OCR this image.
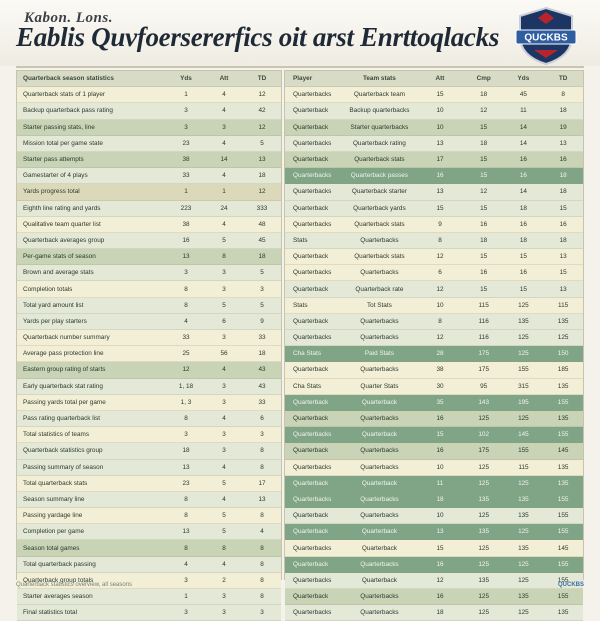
Kabon. Lons.
Eablis Quvfoersererfics oit arst Enrttoqlacks	QUCKBS
Quarterback season statistics	Yds	Att	TD
Quarterback stats of 1 player	1	4	12
Backup quarterback pass rating	3	4	42
Starter passing stats, line	3	3	12
Mission total per game state	23	4	5
Starter pass attempts	38	14	13
Gamestarter of 4 plays	33	4	18
Yards progress total	1	1	12
Eighth line rating and yards	223	24	333
Qualitative team quarter list	38	4	48
Quarterback averages group	16	5	45
Per-game stats of season	13	8	18
Brown and average stats	3	3	5
Completion totals	8	3	3
Total yard amount list	8	5	5
Yards per play starters	4	6	9
Quarterback number summary	33	3	33
Average pass protection line	25	56	18
Eastern group rating of starts	12	4	43
Early quarterback stat rating	1, 18	3	43
Passing yards total per game	1, 3	3	33
Pass rating quarterback list	8	4	6
Total statistics of teams	3	3	3
Quarterback statistics group	18	3	8
Passing summary of season	13	4	8
Total quarterback stats	23	5	17
Season summary line	8	4	13
Passing yardage line	8	5	8
Completion per game	13	5	4
Season total games	8	8	8
Total quarterback passing	4	4	8
Quarterback group totals	3	2	8
Starter averages season	1	3	8
Final statistics total	3	3	3
Player	Team stats	Att	Cmp	Yds	TD
Quarterbacks	Quarterback team	15	18	45	8
Quarterback	Backup quarterbacks	10	12	11	18
Quarterback	Starter quarterbacks	10	15	14	19
Quarterbacks	Quarterback rating	13	18	14	13
Quarterback	Quarterback stats	17	15	16	16
Quarterbacks	Quarterback passes	16	15	16	18
Quarterbacks	Quarterback starter	13	12	14	18
Quarterback	Quarterback yards	15	15	18	15
Quarterbacks	Quarterback stats	9	16	16	16
Stats	Quarterbacks	8	18	18	18
Quarterback	Quarterback stats	12	15	15	13
Quarterbacks	Quarterbacks	6	16	16	15
Quarterback	Quarterback rate	12	15	15	13
Stats	Tot Stats	10	115	125	115
Quarterback	Quarterbacks	8	116	135	135
Quarterbacks	Quarterbacks	12	116	125	125
Cha Stats	Paid Stats	28	175	125	150
Quarterback	Quarterbacks	38	175	155	185
Cha Stats	Quarter Stats	30	95	315	135
Quarterback	Quarterback	35	143	195	155
Quarterback	Quarterbacks	16	125	125	135
Quarterbacks	Quarterback	15	102	145	155
Quarterback	Quarterbacks	16	175	155	145
Quarterbacks	Quarterbacks	10	125	115	135
Quarterback	Quarterback	11	125	125	135
Quarterbacks	Quarterbacks	18	135	135	155
Quarterback	Quarterbacks	10	125	135	155
Quarterback	Quarterback	13	135	125	155
Quarterbacks	Quarterback	15	125	135	145
Quarterback	Quarterbacks	16	125	125	155
Quarterbacks	Quarterback	12	135	125	155
Quarterback	Quarterbacks	16	125	135	155
Quarterbacks	Quarterbacks	18	125	125	135
Quarterback statistics overview, all seasons	QUCKBS
